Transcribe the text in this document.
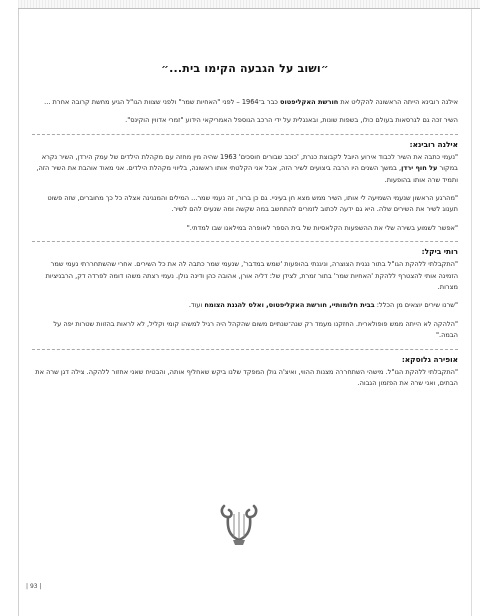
״ושוב על הגבעה הקימו בית...״

אילנה רובינא הייתה הראשונה להקליט את חורשת האקליפטוס כבר ב־1964 – לפני "האחיות שמר" ולפני שצוות הגו"ל הגיע מחשת קרובה אחרת ...

השיר זכה גם לגרסאות בעולם כולו, בשפות שונות, ובאנגלית על ידי הרכב הגוספל האמריקאי הידוע "זמרי אדווין הוקינס".

אילנה רובינא:

"נעמי כתבה את השיר לכבוד אירוע היובל לקבוצת כנרת, 'כוכב שבורים חוסכים' 1963 שהיה מין מחזה עם מקהלת הילדים של עמק הירדן, השיר נקרא במקור על חוף ירדן, במשך השנים היו הרבה ביצועים לשיר הזה, אבל אני הקלטתי אותו ראשונה, בליווי מקהלת הילדים. אני מאוד אוהבת את השיר הזה, ותמיד שרה אותו בהופעות.

"מהרגע הראשון שנעמי השמיעה לי אותו, השיר ממש מצא חן בעיניי. גם כן ברור, זה נעמי שמר... המילים והמנגינה אצלה כל כך מחוברים, שזה פשוט תענוג לשיר את השירים שלה. היא גם ידעה לכתוב לזמרים להתחשב במה שקשה ומה שנעים להם לשיר.

"אפשר לשמוע בשירה שלי את ההשפעות הקלאסיות של בית הספר לאופרה במילאנו שבו למדתי."

רותי ביקל:

"התקבלתי ללהקת הגו"ל בתור נגנית הצוצרה, וניגנתי בהופעות 'שמש במדבר', שנעמי שמר כתבה לה את כל השירים. אחרי שהשתחררתי נעמי שמר הזמינה אותי להצטרף ללהקת 'האחיות שמר' בתור זמרת, לצידן של: דליה אורן, אהובה כהן ודינה גולן. נעמי רצתה משהו דומה לפרדה דק, הרבניציות מצרות.

"שרנו שירים יוצאים מן הכלל: בבית חלומותיי, חורשת האקליפטוס, ואלס להגנת הצומח ועוד.

"הלהקה לא הייתה ממש פופולארית. החזקנו מעמד רק שנה־שנתיים משום שהקהל היה רגיל למשהו קומי וקליל, לא לראות בהזוות שטרות יפה על הבמה."

אופירה גלוסקא:

"התקבלתי ללהקת הגו"ל. מישהי השתחררה מצנות ההווי, ואיצ'ה גולן המפקד שלנו ביקש שאחליף אותה, והבטיח שאני אחזור ללהקה. צילה דגן שרה את הבתים, ואני שרה את הפזמון הגבוה.

| 93 |
